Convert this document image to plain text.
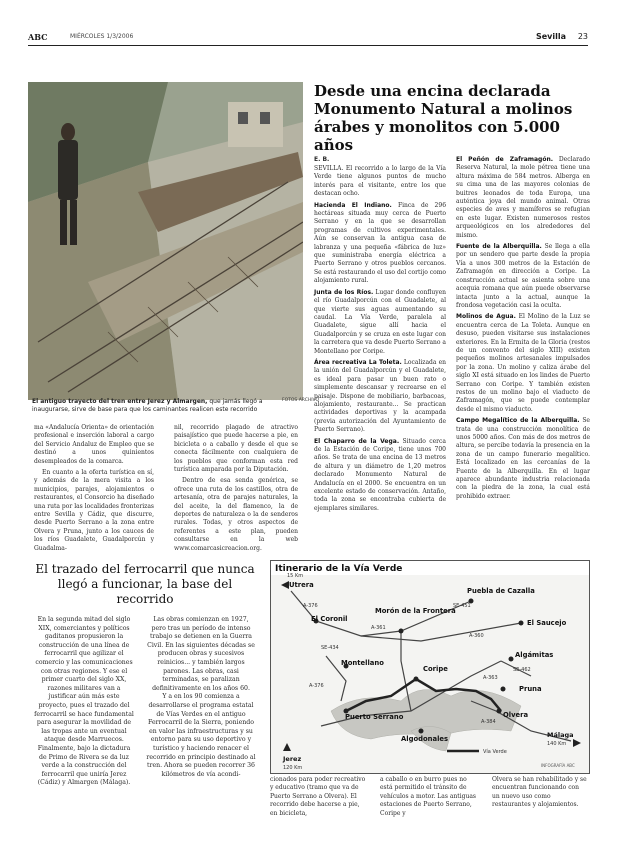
ABC	MIÉRCOLES 1/3/2006	Sevilla 23
El antiguo trayecto del tren entre Jerez y Almargen, que jamás llegó a inaugurarse, sirve de base para que los caminantes realicen este recorrido
FOTOS ARCHIVO
Desde una encina declarada Monumento Natural a molinos árabes y monolitos con 5.000 años

ma «Andalucía Orienta» de orientación profesional e inserción laboral a cargo del Servicio Andaluz de Empleo que se destinó a unos quinientos desempleados de la comarca.

En cuanto a la oferta turística en sí, y además de la mera visita a los municipios, parajes, alojamientos o restaurantes, el Consorcio ha diseñado una ruta por las localidades fronterizas entre Sevilla y Cádiz, que discurre, desde Puerto Serrano a la zona entre Olvera y Pruna, junto a los cauces de los ríos Guadalete, Guadalporcún y Guadalma-

nil, recorrido plagado de atractivo paisajístico que puede hacerse a pie, en bicicleta o a caballo y desde el que se conecta fácilmente con cualquiera de los pueblos que conforman esta red turística amparada por la Diputación.

Dentro de esa senda genérica, se ofrece una ruta de los castillos, otra de artesanía, otra de parajes naturales, la del aceite, la del flamenco, la de deportes de naturaleza o la de senderos rurales. Todas, y otros aspectos de referentes a este plan, pueden consultarse en la web www.comarcasicreacion.org.

E. B.

SEVILLA. El recorrido a lo largo de la Vía Verde tiene algunos puntos de mucho interés para el visitante, entre los que destacan ocho.

Hacienda El Indiano. Finca de 296 hectáreas situada muy cerca de Puerto Serrano y en la que se desarrollan programas de cultivos experimentales. Aún se conservan la antigua casa de labranza y una pequeña «fábrica de luz» que suministraba energía eléctrica a Puerto Serrano y otros pueblos cercanos. Se está restaurando el uso del cortijo como alojamiento rural.

Junta de los Ríos. Lugar donde confluyen el río Guadalporcún con el Guadalete, al que vierte sus aguas aumentando su caudal. La Vía Verde, paralela al Guadalete, sigue allí hacia el Guadalporcún y se cruza en este lugar con la carretera que va desde Puerto Serrano a Montellano por Coripe.

Área recreativa La Toleta. Localizada en la unión del Guadalporcún y el Guadalete, es ideal para pasar un buen rato o simplemente descansar y recrearse en el paisaje. Dispone de mobiliario, barbacoas, alojamiento, restaurante... Se practican actividades deportivas y la acampada (previa autorización del Ayuntamiento de Puerto Serrano).

El Chaparro de la Vega. Situado cerca de la Estación de Coripe, tiene unos 700 años. Se trata de una encina de 13 metros de altura y un diámetro de 1,20 metros declarado Monumento Natural de Andalucía en el 2000. Se encuentra en un excelente estado de conservación. Antaño, toda la zona se encontraba cubierta de ejemplares similares.

El Peñón de Zaframagón. Declarado Reserva Natural, la mole pétrea tiene una altura máxima de 584 metros. Alberga en su cima una de las mayores colonias de buitres leonados de toda Europa, una auténtica joya del mundo animal. Otras especies de aves y mamíferos se refugian en este lugar. Existen numerosos restos arqueológicos en los alrededores del mismo.

Fuente de la Alberquilla. Se llega a ella por un sendero que parte desde la propia Vía a unos 300 metros de la Estación de Zaframagón en dirección a Coripe. La construcción actual se asienta sobre una acequia romana que aún puede observarse intacta junto a la actual, aunque la frondosa vegetación casi la oculta.

Molinos de Agua. El Molino de la Luz se encuentra cerca de La Toleta. Aunque en desuso, pueden visitarse sus instalaciones exteriores. En la Ermita de la Gloria (restos de un convento del siglo XIII) existen pequeños molinos artesanales impulsados por la zona. Un molino y caliza árabe del siglo XI está situado en los lindes de Puerto Serrano con Coripe. Y también existen restos de un molino bajo el viaducto de Zaframagón, que se puede contemplar desde el mismo viaducto.

Campo Megalítico de la Alberquilla. Se trata de una construcción monolítica de unos 5000 años. Con más de dos metros de altura, se percibe todavía la presencia en la zona de un campo funerario megalítico. Está localizado en las cercanías de la Fuente de la Alberquilla. En el lugar aparece abundante industria relacionada con la piedra de la zona, la cual está prohibido extraer.

El trazado del ferrocarril que nunca llegó a funcionar, la base del recorrido
En la segunda mitad del siglo XIX, comerciantes y políticos gaditanos propusieron la construcción de una línea de ferrocarril que agilizar el comercio y las comunicaciones con otras regiones. Y ese el primer cuarto del siglo XX, razones militares van a justificar aún más este proyecto, pues el trazado del ferrocarril se hace fundamental para asegurar la movilidad de las tropas ante un eventual ataque desde Marruecos. Finalmente, bajo la dictadura de Primo de Rivera se da luz verde a la construcción del ferrocarril que uniría Jerez (Cádiz) y Almargen (Málaga).
Las obras comienzan en 1927, pero tras un período de intenso trabajo se detienen en la Guerra Civil. En las siguientes décadas se producen obras y sucesivos reinicios... y también largos parones. Las obras, casi terminadas, se paralizan definitivamente en los años 60.
Y a en los 90 comienza a desarrollarse el programa estatal de Vías Verdes en el antiguo Ferrocarril de la Sierra, poniendo en valor las infraestructuras y su entorno para su uso deportivo y turístico y haciendo renacer el recorrido en principio destinado al tren. Ahora se pueden recorrer 36 kilómetros de vía acondi-
Itinerario de la Vía Verde
Utrera
El Coronil
Morón de la Frontera
Puebla de Cazalla
El Saucejo
Montellano
Coripe
Algámitas
Pruna
Olvera
Puerto Serrano
Algodonales
A-376
A-361
SE-451
A-360
A-363
SE-462
SE-434
A-384
A-376
15 Km
Jerez
120 Km
Málaga
140 Km
Vía Verde
INFOGRAFÍA ABC
cionados para poder recreativo y educativo (tramo que va de Puerto Serrano a Olvera). El recorrido debe hacerse a pie, en bicicleta,
a caballo o en burro pues no está permitido el tránsito de vehículos a motor. Las antiguas estaciones de Puerto Serrano, Coripe y
Olvera se han rehabilitado y se encuentran funcionando con un nuevo uso como restaurantes y alojamientos.
